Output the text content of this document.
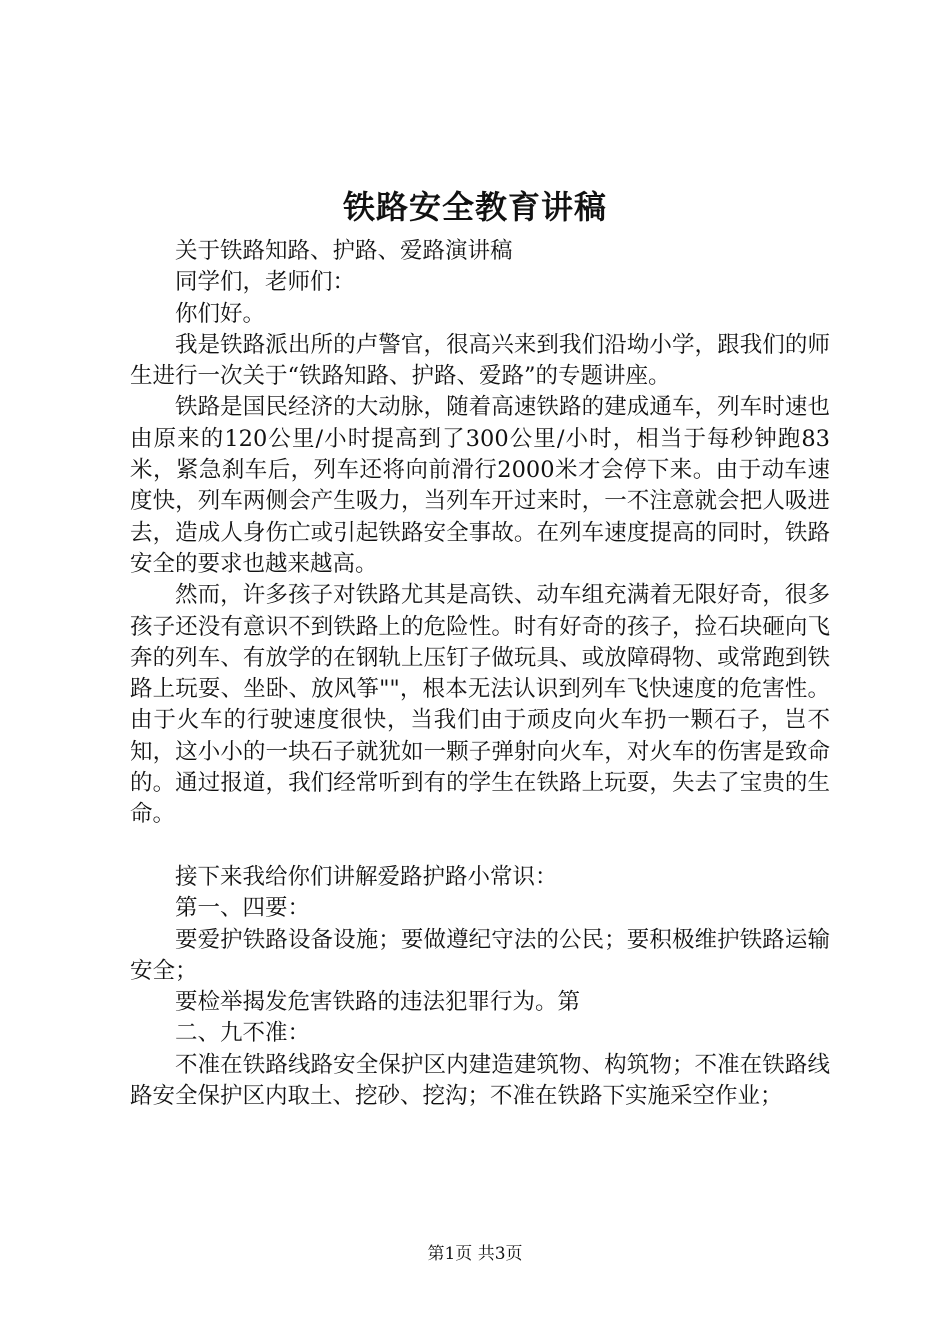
铁路安全教育讲稿

关于铁路知路、护路、爱路演讲稿

同学们，老师们：

你们好。

我是铁路派出所的卢警官，很高兴来到我们沿坳小学，跟我们的师生进行一次关于“铁路知路、护路、爱路”的专题讲座。

铁路是国民经济的大动脉，随着高速铁路的建成通车，列车时速也由原来的120公里/小时提高到了300公里/小时，相当于每秒钟跑83米，紧急刹车后，列车还将向前滑行2000米才会停下来。由于动车速度快，列车两侧会产生吸力，当列车开过来时，一不注意就会把人吸进去，造成人身伤亡或引起铁路安全事故。在列车速度提高的同时，铁路安全的要求也越来越高。

然而，许多孩子对铁路尤其是高铁、动车组充满着无限好奇，很多孩子还没有意识不到铁路上的危险性。时有好奇的孩子，捡石块砸向飞奔的列车、有放学的在钢轨上压钉子做玩具、或放障碍物、或常跑到铁路上玩耍、坐卧、放风筝""，根本无法认识到列车飞快速度的危害性。由于火车的行驶速度很快，当我们由于顽皮向火车扔一颗石子，岂不知，这小小的一块石子就犹如一颗子弹射向火车，对火车的伤害是致命的。通过报道，我们经常听到有的学生在铁路上玩耍，失去了宝贵的生命。

接下来我给你们讲解爱路护路小常识：

第一、四要：

要爱护铁路设备设施；要做遵纪守法的公民；要积极维护铁路运输安全；

要检举揭发危害铁路的违法犯罪行为。第

二、九不准：

不准在铁路线路安全保护区内建造建筑物、构筑物；不准在铁路线路安全保护区内取土、挖砂、挖沟；不准在铁路下实施采空作业；

第1页 共3页
